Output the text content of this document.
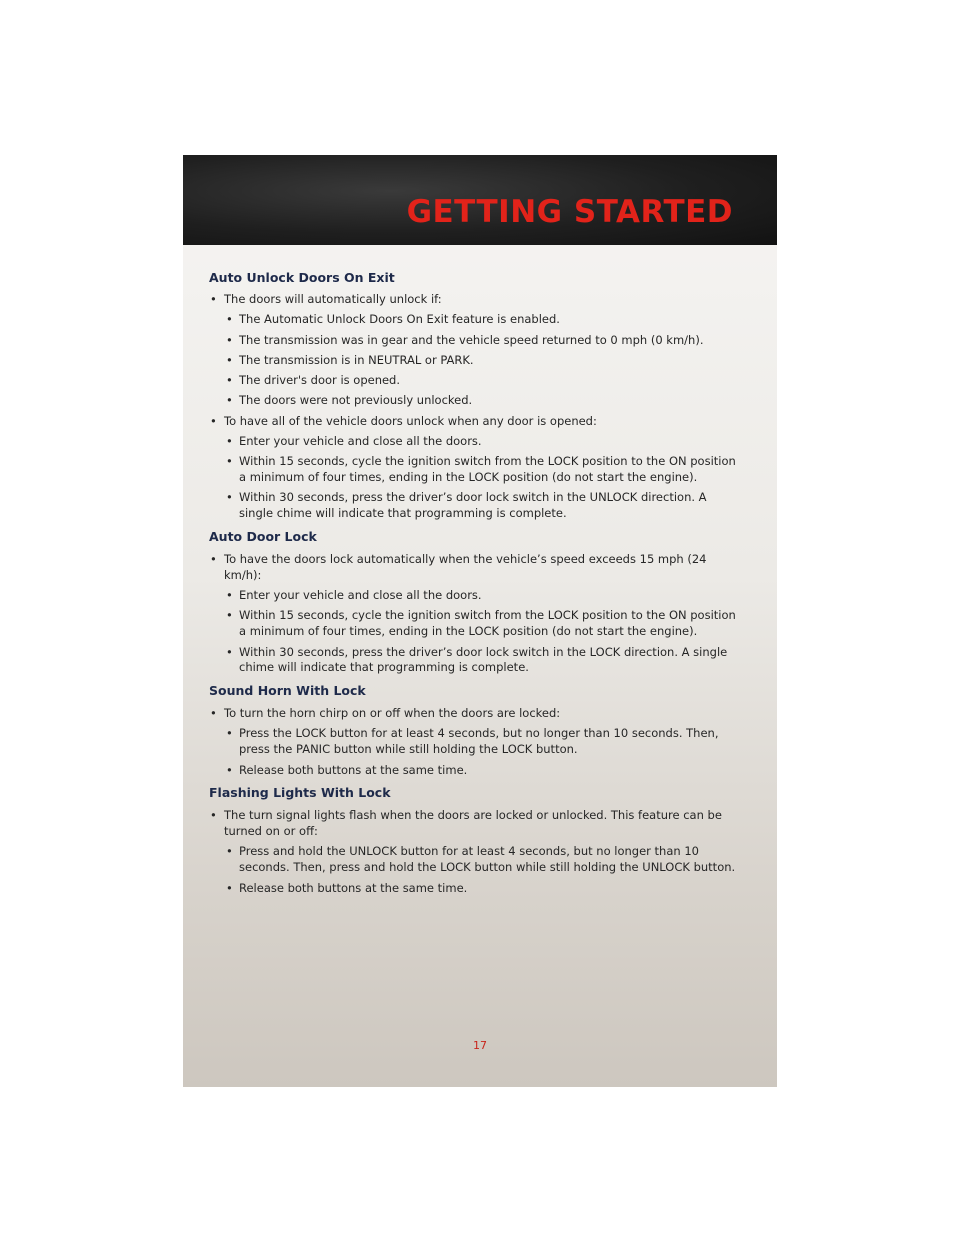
GETTING STARTED
Auto Unlock Doors On Exit
• The doors will automatically unlock if:
• The Automatic Unlock Doors On Exit feature is enabled.
• The transmission was in gear and the vehicle speed returned to 0 mph (0 km/h).
• The transmission is in NEUTRAL or PARK.
• The driver's door is opened.
• The doors were not previously unlocked.
• To have all of the vehicle doors unlock when any door is opened:
• Enter your vehicle and close all the doors.
• Within 15 seconds, cycle the ignition switch from the LOCK position to the ON position a minimum of four times, ending in the LOCK position (do not start the engine).
• Within 30 seconds, press the driver’s door lock switch in the UNLOCK direction. A single chime will indicate that programming is complete.
Auto Door Lock
• To have the doors lock automatically when the vehicle’s speed exceeds 15 mph (24 km/h):
• Enter your vehicle and close all the doors.
• Within 15 seconds, cycle the ignition switch from the LOCK position to the ON position a minimum of four times, ending in the LOCK position (do not start the engine).
• Within 30 seconds, press the driver’s door lock switch in the LOCK direction. A single chime will indicate that programming is complete.
Sound Horn With Lock
• To turn the horn chirp on or off when the doors are locked:
• Press the LOCK button for at least 4 seconds, but no longer than 10 seconds. Then, press the PANIC button while still holding the LOCK button.
• Release both buttons at the same time.
Flashing Lights With Lock
• The turn signal lights flash when the doors are locked or unlocked. This feature can be turned on or off:
• Press and hold the UNLOCK button for at least 4 seconds, but no longer than 10 seconds. Then, press and hold the LOCK button while still holding the UNLOCK button.
• Release both buttons at the same time.

17
